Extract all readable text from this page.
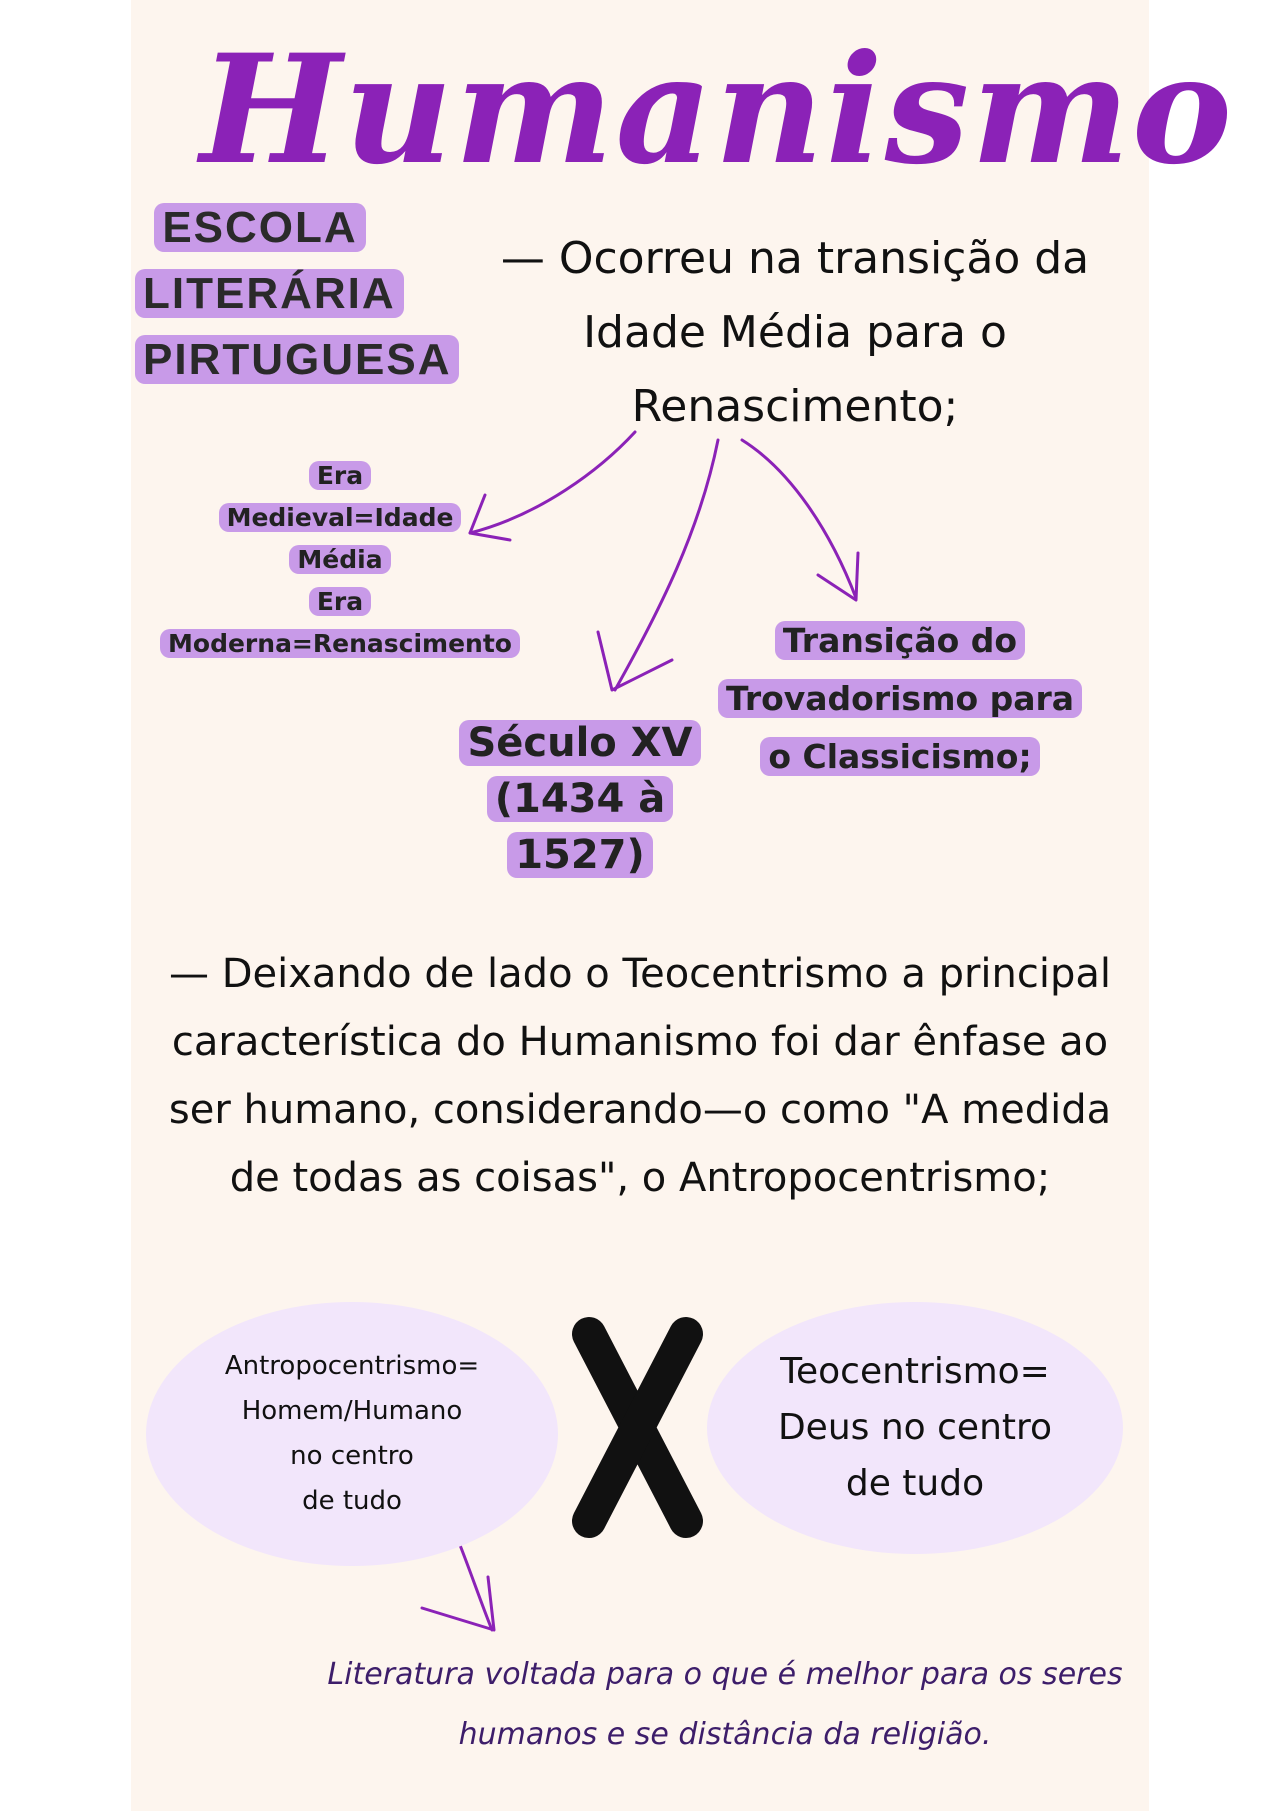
Humanismo
ESCOLA
LITERÁRIA
PIRTUGUESA
— Ocorreu na transição da Idade Média para o Renascimento;
Era
Medieval=Idade
Média
Era
Moderna=Renascimento
Século XV (1434 à 1527)
Transição do Trovadorismo para o Classicismo;
— Deixando de lado o Teocentrismo a principal característica do Humanismo foi dar ênfase ao ser humano, considerando—o como "A medida de todas as coisas", o Antropocentrismo;
Antropocentrismo=
Homem/Humano
no centro
de tudo
Teocentrismo=
Deus no centro
de tudo
Literatura voltada para o que é melhor para os seres humanos e se distância da religião.
